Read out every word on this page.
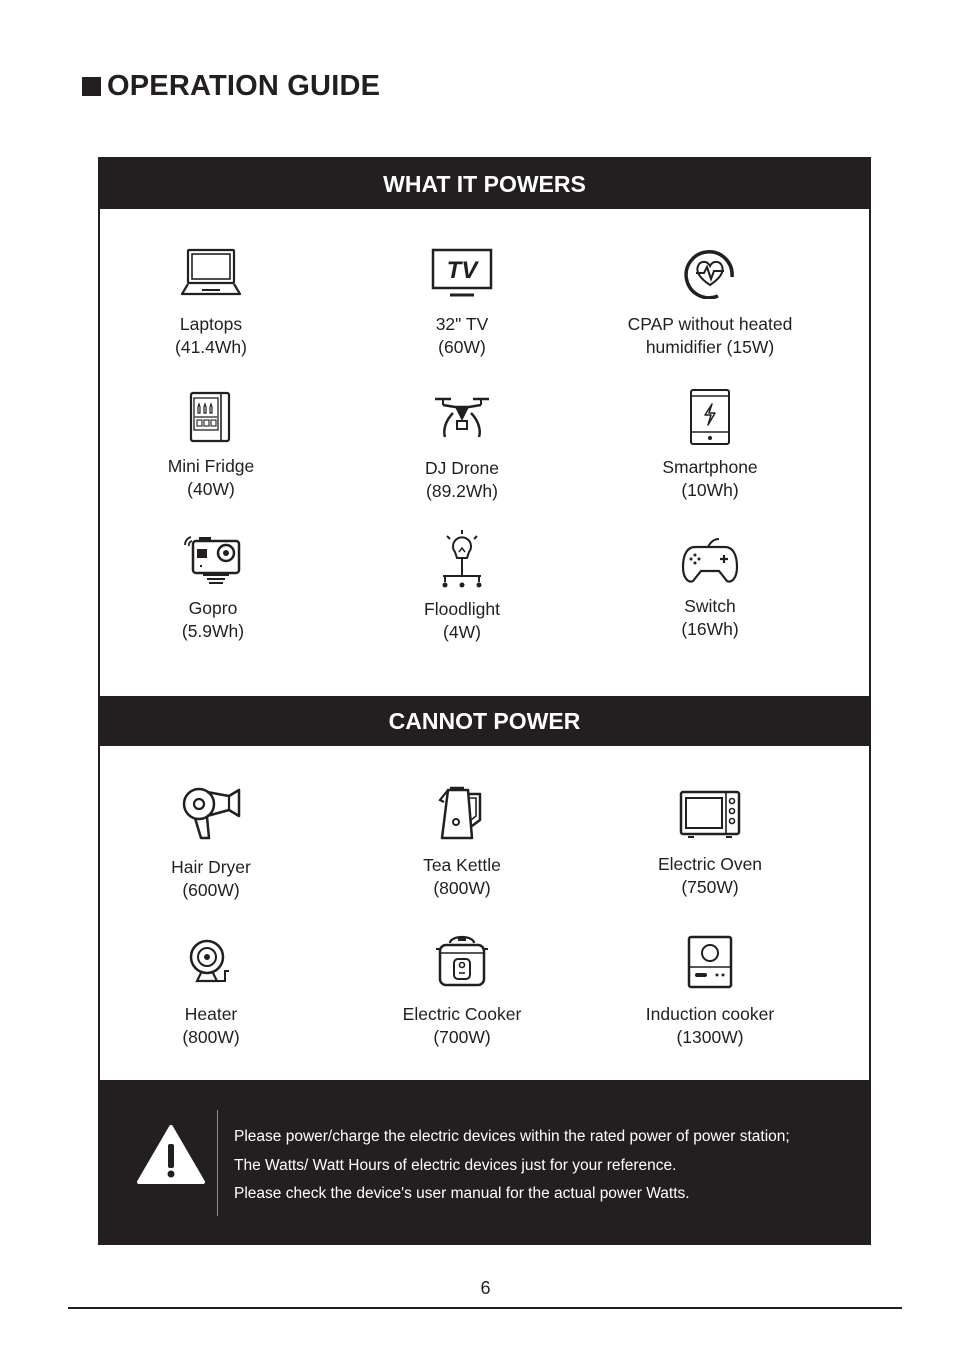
OPERATION GUIDE
WHAT IT POWERS
Laptops
(41.4Wh)
TV
32" TV
(60W)
CPAP without heated
humidifier (15W)
Mini Fridge
(40W)
DJ Drone
(89.2Wh)
Smartphone
(10Wh)
Gopro
(5.9Wh)
Floodlight
(4W)
Switch
(16Wh)
CANNOT POWER
Hair Dryer
(600W)
Tea Kettle
(800W)
Electric Oven
(750W)
Heater
(800W)
Electric Cooker
(700W)
Induction cooker
(1300W)
Please power/charge the electric devices within the rated power of power station;
The Watts/ Watt Hours of electric devices just for your reference.
Please check the device's user manual for the actual power Watts.
6
